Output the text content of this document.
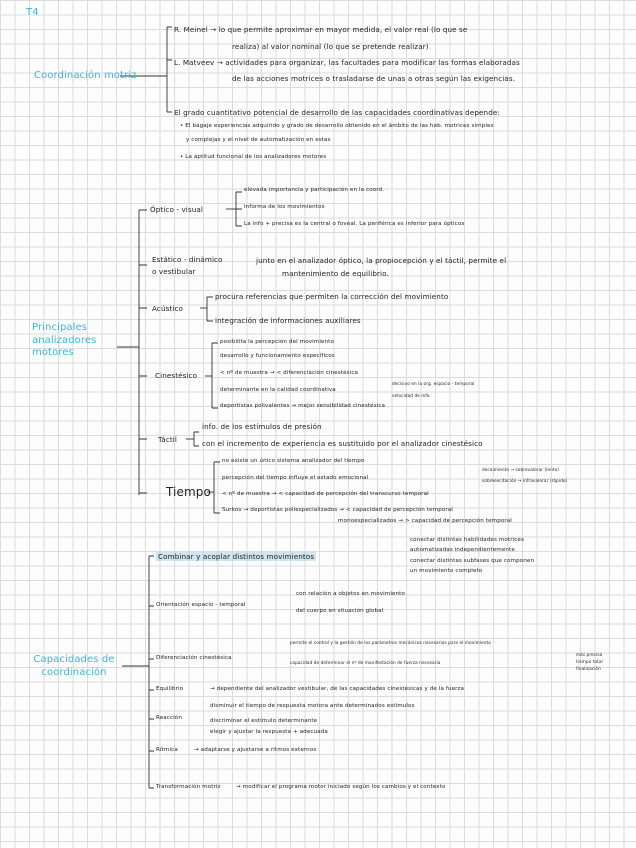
T4
Coordinación motriz
R. Meinel → lo que permite aproximar en mayor medida, el valor real (lo que se
realiza) al valor nominal (lo que se pretende realizar)
L. Matveev → actividades para organizar, las facultades para modificar las formas elaboradas
de las acciones motrices o trasladarse de unas a otras según las exigencias.
El grado cuantitativo potencial de desarrollo de las capacidades coordinativas depende:
• El bagaje experiencias adquirido y grado de desarrollo obtenido en el ámbito de las hab. motrices simples
y complejas y el nivel de automatización en estas
• La aptitud funcional de los analizadores motores
Principales analizadores motores
Óptico - visual
elevada importancia y participación en la coord.
informa de los movimientos
La info + precisa es la central o foveal. La periférica es inferior para ópticos
Estático - dinámico
o vestibular
junto en el analizador óptico, la propiocepción y el táctil, permite el
mantenimiento de equilibrio.
Acústico
procura referencias que permiten la corrección del movimiento
integración de informaciones auxiliares
Cinestésico
posibilita la percepción del movimiento
desarrollo y funcionamiento específicos
< nº de muestra → < diferenciación cinestésica
determinante en la calidad coordinativa
decisivo en la org. espacio - temporal
velocidad de info.
deportistas polivalentes → mejor sensibilidad cinestésica
Táctil
info. de los estímulos de presión
con el incremento de experiencia es sustituido por el analizador cinestésico
Tiempo
no existe un único sistema analizador del tiempo
percepción del tiempo influye el estado emocional
decaimiento → sobrevalorar (lento)
sobreexcitación → infravalorar (rápido)
< nº de muestra → < capacidad de percepción del transcurso temporal
Surkov → deportistas poliespecializados → < capacidad de percepción temporal
monoespecializados → > capacidad de percepción temporal
Capacidades de coordinación
Combinar y acoplar distintos movimientos
conectar distintas habilidades motrices
automatizadas independientemente
conectar distintas subfases que componen
un movimiento completo
Orientación espacio - temporal
con relación a objetos en movimiento
del cuerpo en situación global
Diferenciación cinestésica
permite el control y la gestión de los parámetros mecánicos necesarios para el movimiento
capacidad de determinar el nº de manifestación de fuerza necesaria
más precisa
tiempo total
finalización
Equilibrio	→ dependiente del analizador vestibular, de las capacidades cinestésicas y de la fuerza
Reacción
disminuir el tiempo de respuesta motora ante determinados estímulos
discriminar el estímulo determinante
elegir y ajustar la respuesta + adecuada
Rítmica	→ adaptarse y ajustarse a ritmos externos
Transformación motriz	→ modificar el programa motor iniciado según los cambios y el contexto
